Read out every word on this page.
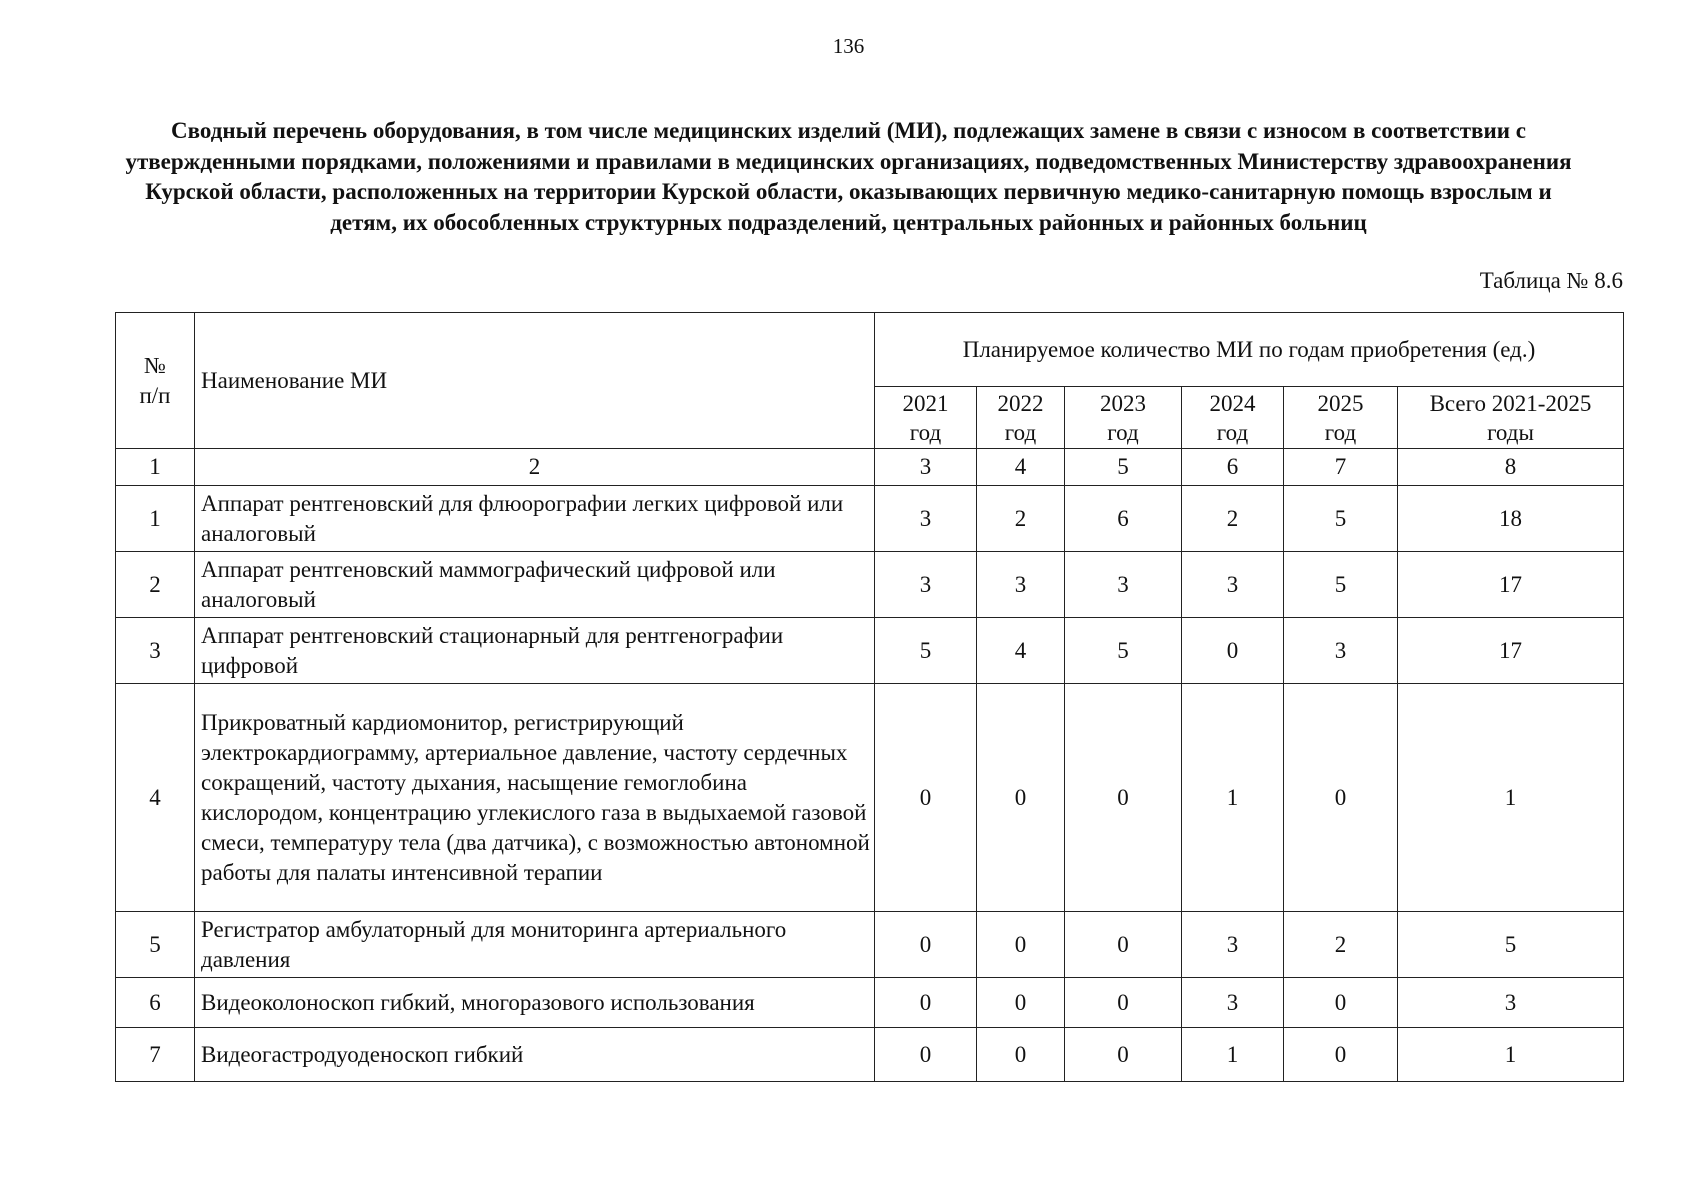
136
Сводный перечень оборудования, в том числе медицинских изделий (МИ), подлежащих замене в связи с износом в соответствии с утвержденными порядками, положениями и правилами в медицинских организациях, подведомственных Министерству здравоохранения Курской области, расположенных на территории Курской области, оказывающих первичную медико-санитарную помощь взрослым и детям, их обособленных структурных подразделений, центральных районных и районных больниц
Таблица № 8.6
№ п/п	Наименование МИ	Планируемое количество МИ по годам приобретения (ед.)					
		2021 год	2022 год	2023 год	2024 год	2025 год	Всего 2021-2025 годы
1	2	3	4	5	6	7	8
1	Аппарат рентгеновский для флюорографии легких цифровой или аналоговый	3	2	6	2	5	18
2	Аппарат рентгеновский маммографический цифровой или аналоговый	3	3	3	3	5	17
3	Аппарат рентгеновский стационарный для рентгенографии цифровой	5	4	5	0	3	17
4	Прикроватный кардиомонитор, регистрирующий электрокардиограмму, артериальное давление, частоту сердечных сокращений, частоту дыхания, насыщение гемоглобина кислородом, концентрацию углекислого газа в выдыхаемой газовой смеси, температуру тела (два датчика), с возможностью автономной работы для палаты интенсивной терапии	0	0	0	1	0	1
5	Регистратор амбулаторный для мониторинга артериального давления	0	0	0	3	2	5
6	Видеоколоноскоп гибкий, многоразового использования	0	0	0	3	0	3
7	Видеогастродуоденоскоп гибкий	0	0	0	1	0	1
